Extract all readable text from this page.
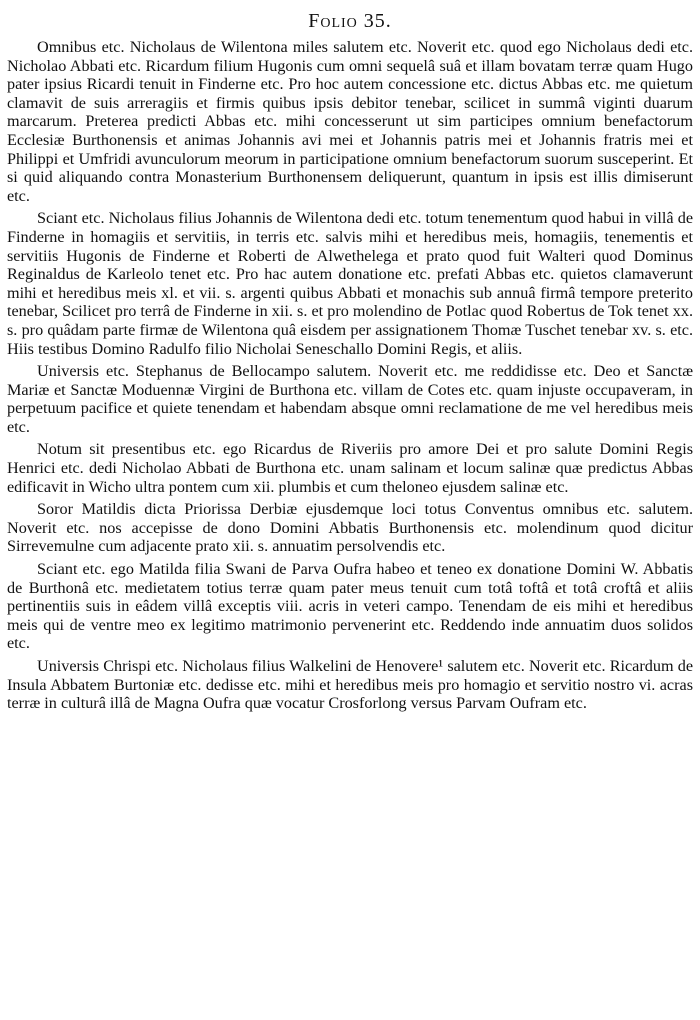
Folio 35.

Omnibus etc. Nicholaus de Wilentona miles salutem etc. Noverit etc. quod ego Nicholaus dedi etc. Nicholao Abbati etc. Ricardum filium Hugonis cum omni sequelâ suâ et illam bovatam terræ quam Hugo pater ipsius Ricardi tenuit in Finderne etc. Pro hoc autem concessione etc. dictus Abbas etc. me quietum clamavit de suis arreragiis et firmis quibus ipsis debitor tenebar, scilicet in summâ viginti duarum marcarum. Preterea predicti Abbas etc. mihi concesserunt ut sim participes omnium benefactorum Ecclesiæ Burthonensis et animas Johannis avi mei et Johannis patris mei et Johannis fratris mei et Philippi et Umfridi avunculorum meorum in participatione omnium benefactorum suorum susceperint. Et si quid aliquando contra Monasterium Burthonensem deliquerunt, quantum in ipsis est illis dimiserunt etc.

Sciant etc. Nicholaus filius Johannis de Wilentona dedi etc. totum tenementum quod habui in villâ de Finderne in homagiis et servitiis, in terris etc. salvis mihi et heredibus meis, homagiis, tenementis et servitiis Hugonis de Finderne et Roberti de Alwethelega et prato quod fuit Walteri quod Dominus Reginaldus de Karleolo tenet etc. Pro hac autem donatione etc. prefati Abbas etc. quietos clamaverunt mihi et heredibus meis xl. et vii. s. argenti quibus Abbati et monachis sub annuâ firmâ tempore preterito tenebar, Scilicet pro terrâ de Finderne in xii. s. et pro molendino de Potlac quod Robertus de Tok tenet xx. s. pro quâdam parte firmæ de Wilentona quâ eisdem per assignationem Thomæ Tuschet tenebar xv. s. etc. Hiis testibus Domino Radulfo filio Nicholai Seneschallo Domini Regis, et aliis.

Universis etc. Stephanus de Bellocampo salutem. Noverit etc. me reddidisse etc. Deo et Sanctæ Mariæ et Sanctæ Moduennæ Virgini de Burthona etc. villam de Cotes etc. quam injuste occupaveram, in perpetuum pacifice et quiete tenendam et habendam absque omni reclamatione de me vel heredibus meis etc.

Notum sit presentibus etc. ego Ricardus de Riveriis pro amore Dei et pro salute Domini Regis Henrici etc. dedi Nicholao Abbati de Burthona etc. unam salinam et locum salinæ quæ predictus Abbas edificavit in Wicho ultra pontem cum xii. plumbis et cum theloneo ejusdem salinæ etc.

Soror Matildis dicta Priorissa Derbiæ ejusdemque loci totus Conventus omnibus etc. salutem. Noverit etc. nos accepisse de dono Domini Abbatis Burthonensis etc. molendinum quod dicitur Sirrevemulne cum adjacente prato xii. s. annuatim persolvendis etc.

Sciant etc. ego Matilda filia Swani de Parva Oufra habeo et teneo ex donatione Domini W. Abbatis de Burthonâ etc. medietatem totius terræ quam pater meus tenuit cum totâ toftâ et totâ croftâ et aliis pertinentiis suis in eâdem villâ exceptis viii. acris in veteri campo. Tenendam de eis mihi et heredibus meis qui de ventre meo ex legitimo matrimonio pervenerint etc. Reddendo inde annuatim duos solidos etc.

Universis Chrispi etc. Nicholaus filius Walkelini de Henovere¹ salutem etc. Noverit etc. Ricardum de Insula Abbatem Burtoniæ etc. dedisse etc. mihi et heredibus meis pro homagio et servitio nostro vi. acras terræ in culturâ illâ de Magna Oufra quæ vocatur Crosforlong versus Parvam Oufram etc.
